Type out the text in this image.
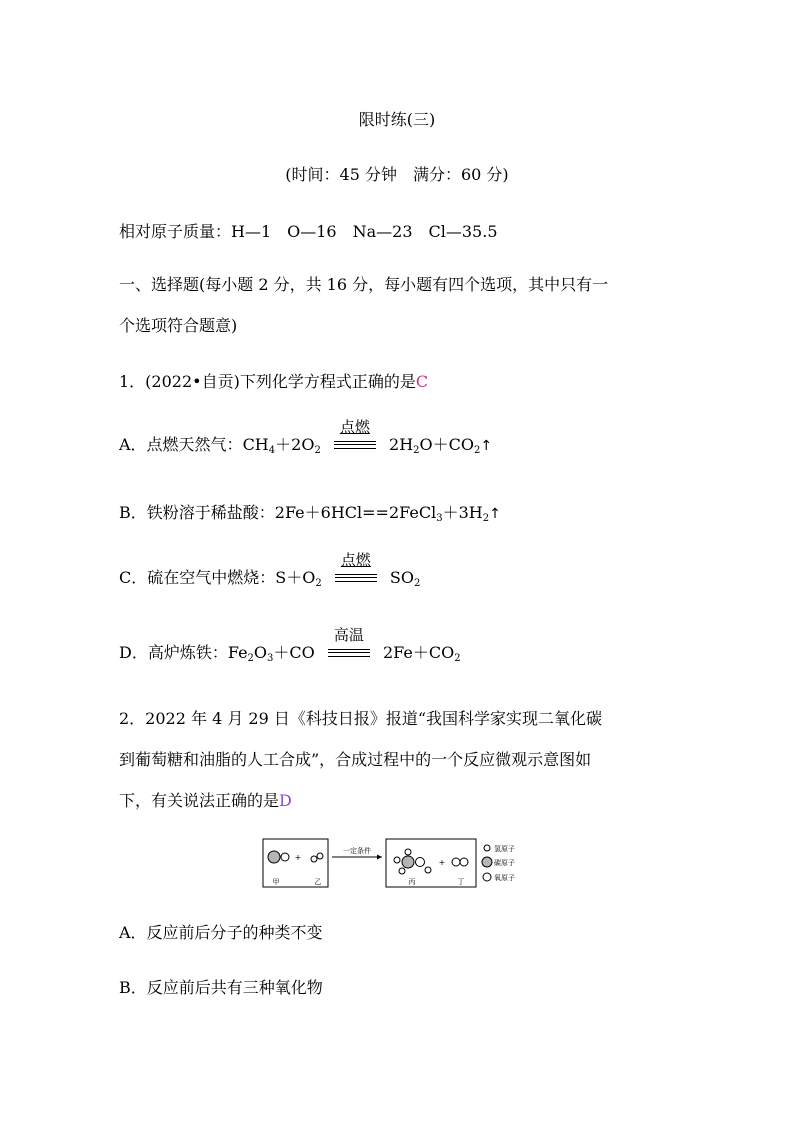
限时练(三)
(时间：45 分钟　满分：60 分)
相对原子质量：H—1　O—16　Na—23　Cl—35.5
一、选择题(每小题 2 分，共 16 分，每小题有四个选项，其中只有一
个选项符合题意)
1．(2022•自贡)下列化学方程式正确的是C
A．点燃天然气：$CH_4+2O_2$
点燃
$2H_2O+CO_2↑$
B．铁粉溶于稀盐酸：$2Fe+6HCl==2FeCl_3+3H_2↑$
C．硫在空气中燃烧：$S+O_2$
点燃
$SO_2$
D．高炉炼铁：$Fe_2O_3+CO$
高温
$2Fe+CO_2$
2．2022 年 4 月 29 日《科技日报》报道“我国科学家实现二氧化碳
到葡萄糖和油脂的人工合成”，合成过程中的一个反应微观示意图如
下，有关说法正确的是D
+
甲	乙
一定条件
+
丙	丁
氢原子
碳原子
氧原子
A．反应前后分子的种类不变
B．反应前后共有三种氧化物
